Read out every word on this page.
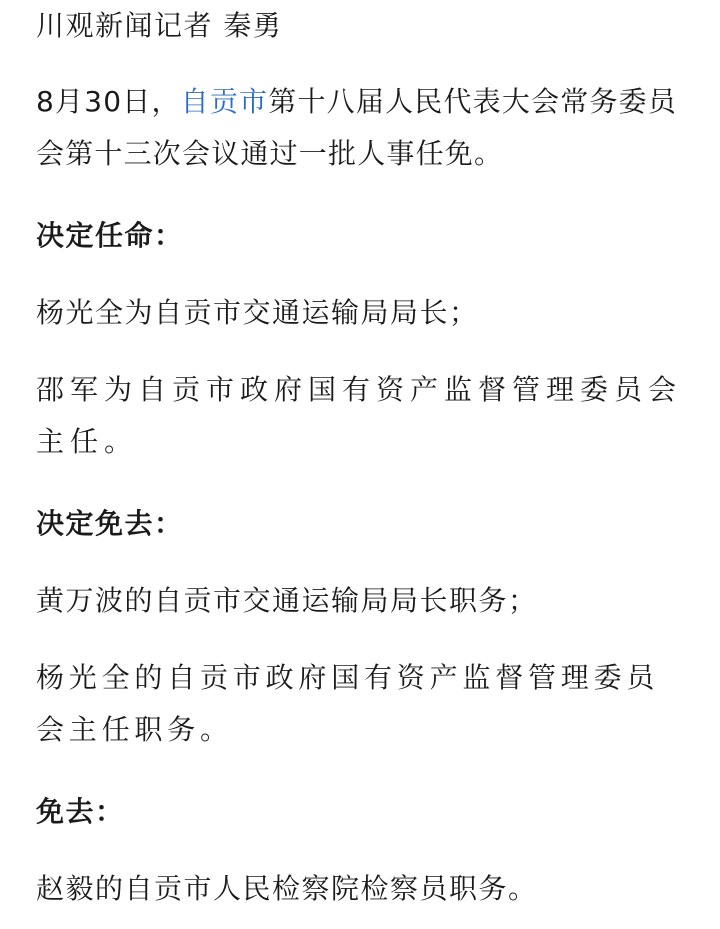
川观新闻记者 秦勇

8月30日，自贡市第十八届人民代表大会常务委员会第十三次会议通过一批人事任免。

决定任命：

杨光全为自贡市交通运输局局长；

邵军为自贡市政府国有资产监督管理委员会主任。

决定免去：

黄万波的自贡市交通运输局局长职务；

杨光全的自贡市政府国有资产监督管理委员会主任职务。

免去：

赵毅的自贡市人民检察院检察员职务。
